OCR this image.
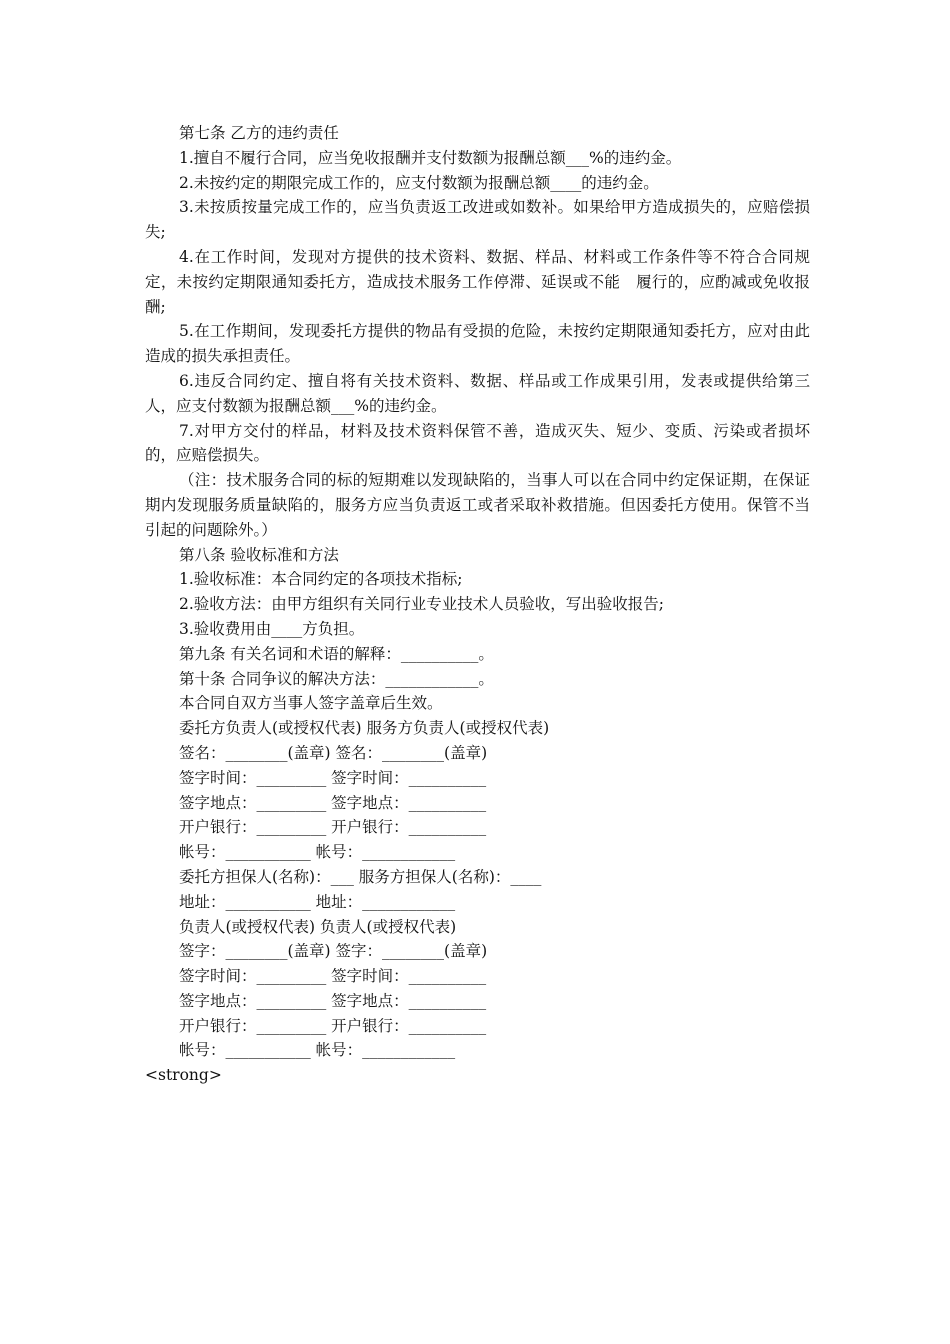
第七条 乙方的违约责任

1.擅自不履行合同，应当免收报酬并支付数额为报酬总额___%的违约金。

2.未按约定的期限完成工作的，应支付数额为报酬总额____的违约金。

3.未按质按量完成工作的，应当负责返工改进或如数补。如果给甲方造成损失的，应赔偿损失;

4.在工作时间，发现对方提供的技术资料、数据、样品、材料或工作条件等不符合合同规定，未按约定期限通知委托方，造成技术服务工作停滞、延误或不能　履行的，应酌减或免收报酬;

5.在工作期间，发现委托方提供的物品有受损的危险，未按约定期限通知委托方，应对由此造成的损失承担责任。

6.违反合同约定、擅自将有关技术资料、数据、样品或工作成果引用，发表或提供给第三人，应支付数额为报酬总额___%的违约金。

7.对甲方交付的样品，材料及技术资料保管不善，造成灭失、短少、变质、污染或者损坏的，应赔偿损失。

（注：技术服务合同的标的短期难以发现缺陷的，当事人可以在合同中约定保证期，在保证期内发现服务质量缺陷的，服务方应当负责返工或者采取补救措施。但因委托方使用。保管不当引起的问题除外。）

第八条 验收标准和方法

1.验收标准：本合同约定的各项技术指标;

2.验收方法：由甲方组织有关同行业专业技术人员验收，写出验收报告;

3.验收费用由____方负担。

第九条 有关名词和术语的解释：__________。

第十条 合同争议的解决方法：____________。

本合同自双方当事人签字盖章后生效。

委托方负责人(或授权代表) 服务方负责人(或授权代表)

签名：________(盖章) 签名：________(盖章)

签字时间：_________ 签字时间：__________

签字地点：_________ 签字地点：__________

开户银行：_________ 开户银行：__________

帐号：___________ 帐号：____________

委托方担保人(名称)：___ 服务方担保人(名称)：____

地址：___________ 地址：____________

负责人(或授权代表) 负责人(或授权代表)

签字：________(盖章) 签字：________(盖章)

签字时间：_________ 签字时间：__________

签字地点：_________ 签字地点：__________

开户银行：_________ 开户银行：__________

帐号：___________ 帐号：____________

<strong>
